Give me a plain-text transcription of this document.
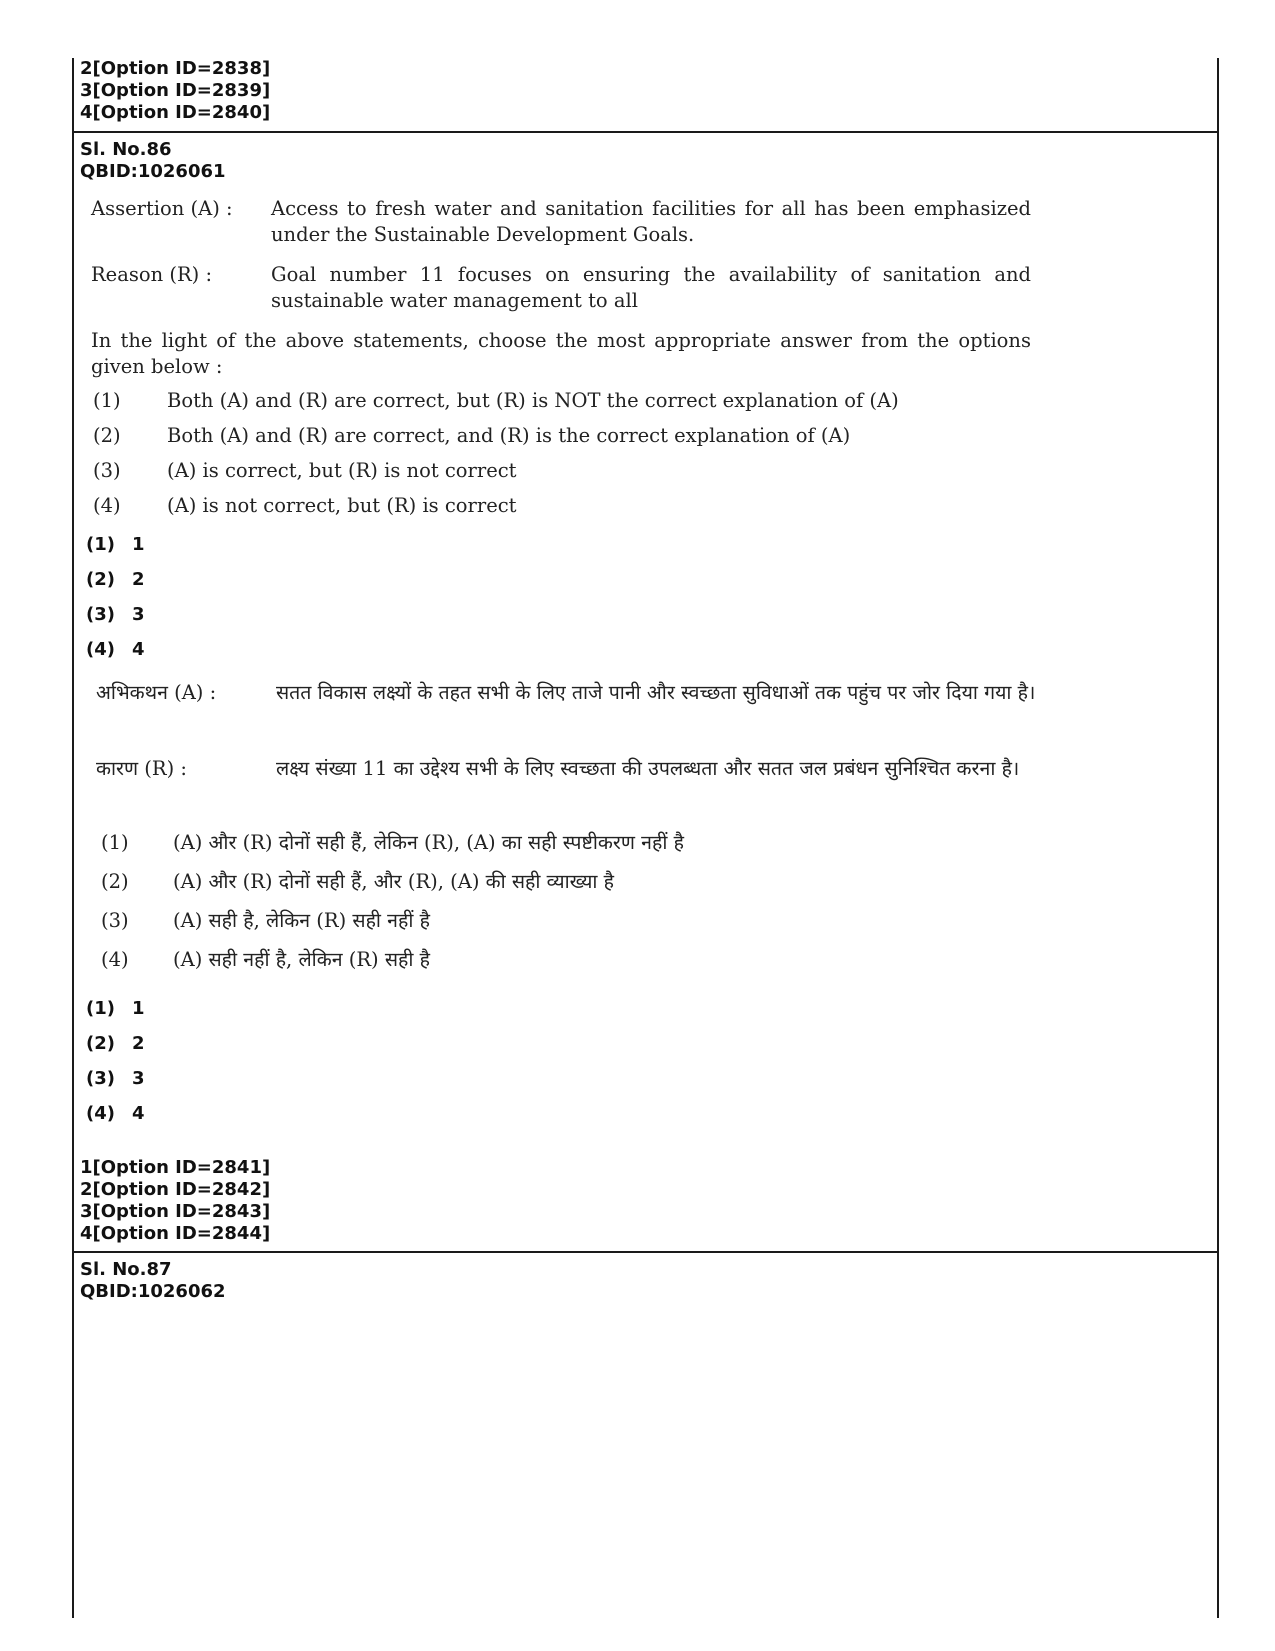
2[Option ID=2838]
3[Option ID=2839]
4[Option ID=2840]
Sl. No.86
QBID:1026061
Assertion (A) :	Access to fresh water and sanitation facilities for all has been emphasized under the Sustainable Development Goals.
Reason (R) :	Goal number 11 focuses on ensuring the availability of sanitation and sustainable water management to all
In the light of the above statements, choose the most appropriate answer from the options given below :
(1)	Both (A) and (R) are correct, but (R) is NOT the correct explanation of (A)
(2)	Both (A) and (R) are correct, and (R) is the correct explanation of (A)
(3)	(A) is correct, but (R) is not correct
(4)	(A) is not correct, but (R) is correct
(1) 1
(2) 2
(3) 3
(4) 4
अभिकथन (A) :	सतत विकास लक्ष्यों के तहत सभी के लिए ताजे पानी और स्वच्छता सुविधाओं तक पहुंच पर जोर दिया गया है।
कारण (R) :	लक्ष्य संख्या 11 का उद्देश्य सभी के लिए स्वच्छता की उपलब्धता और सतत जल प्रबंधन सुनिश्चित करना है।
(1)	(A) और (R) दोनों सही हैं, लेकिन (R), (A) का सही स्पष्टीकरण नहीं है
(2)	(A) और (R) दोनों सही हैं, और (R), (A) की सही व्याख्या है
(3)	(A) सही है, लेकिन (R) सही नहीं है
(4)	(A) सही नहीं है, लेकिन (R) सही है
(1) 1
(2) 2
(3) 3
(4) 4
1[Option ID=2841]
2[Option ID=2842]
3[Option ID=2843]
4[Option ID=2844]
Sl. No.87
QBID:1026062
